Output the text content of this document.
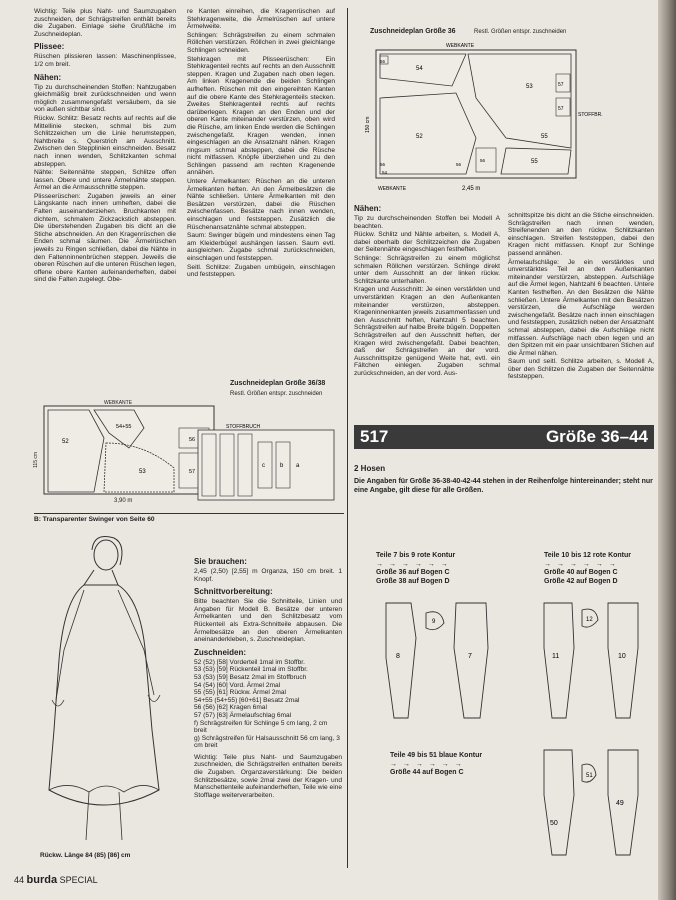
Wichtig: Teile plus Naht- und Saumzugaben zuschneiden, der Schrägstreifen enthält bereits die Zugaben. Einlage siehe Grußfläche im Zuschneideplan.

Plissee:

Rüschen plissieren lassen: Maschinenplissee, 1/2 cm breit.

Nähen:

Tip zu durchscheinenden Stoffen: Nahtzugaben gleichmäßig breit zurückschneiden und wenn möglich zusammengefaßt versäubern, da sie von außen sichtbar sind.

Rückw. Schlitz: Besatz rechts auf rechts auf die Mittellinie stecken, schmal bis zum Schlitzzeichen um die Linie herumsteppen, Nahtbreite s. Querstrich am Ausschnitt. Zwischen den Stepplinien einschneiden. Besatz nach innen wenden, Schlitzkanten schmal absteppen.

Nähte: Seitennähte steppen, Schlitze offen lassen. Obere und untere Ärmelnähte steppen. Ärmel an die Armausschnitte steppen.

Plisseerüschen: Zugaben jeweils an einer Längskante nach innen umheften, dabei die Falten auseinanderziehen. Bruchkanten mit dichtem, schmalem Zickzackstich absteppen. Die überstehenden Zugaben bis dicht an die Stiche abschneiden. An den Kragenrüschen die Enden schmal säumen. Die Ärmelrüschen jeweils zu Ringen schließen, dabei die Nähte in den Faltenninnenbrüchen steppen. Jeweils die oberen Rüschen auf die unteren Rüschen legen, offene obere Kanten aufeinanderheften, dabei sind die Falten zugelegt. Obe-

re Kanten einreihen, die Kragenrüschen auf Stehkragenweite, die Ärmelrüschen auf untere Ärmelweite.

Schlingen: Schrägstreifen zu einem schmalen Röllchen verstürzen. Röllchen in zwei gleichlange Schlingen schneiden.

Stehkragen mit Plisseerüschen: Ein Stehkragenteil rechts auf rechts an den Ausschnitt steppen. Kragen und Zugaben nach oben legen. Am linken Kragenende die beiden Schlingen aufheften. Rüschen mit den eingereihten Kanten auf die obere Kante des Stehkragenteils stecken. Zweites Stehkragenteil rechts auf rechts darüberlegen. Kragen an den Enden und der oberen Kante miteinander verstürzen, oben wird die Rüsche, am linken Ende werden die Schlingen zwischengefaßt. Kragen wenden, innen eingeschlagen an die Ansatznaht nähen. Kragen ringsum schmal absteppen, dabei die Rüsche nicht mitfassen. Knöpfe überziehen und zu den Schlingen passend am rechten Kragenende annähen.

Untere Ärmelkanten: Rüschen an die unteren Ärmelkanten heften. An den Ärmelbesätzen die Nähte schließen. Untere Ärmelkanten mit den Besätzen verstürzen, dabei die Rüschen zwischenfassen. Besätze nach innen wenden, einschlagen und feststeppen. Zusätzlich die Rüschenansatznähte schmal absteppen.

Saum: Swinger bügeln und mindestens einen Tag am Kleiderbügel aushängen lassen. Saum evtl. ausgleichen. Zugabe schmal zurückschneiden, einschlagen und feststeppen.

Seitl. Schlitze: Zugaben umbügeln, einschlagen und feststeppen.

WEBKANTE
115 cm
3,90 m
52
54+55
53
56
57
Zuschneideplan Größe 36/38
Restl. Größen entspr. zuschneiden
STOFFBRUCH
c	b a
B: Transparenter Swinger von Seite 60
Rückw. Länge 84 (85) [86] cm
Sie brauchen:

2,45 (2,50) [2,55] m Organza, 150 cm breit. 1 Knopf.

Schnittvorbereitung:

Bitte beachten Sie die Schnitteile, Linien und Angaben für Modell B. Besätze der unteren Ärmelkanten und den Schlitzbesatz vom Rückenteil als Extra-Schnitteile abpausen. Die Ärmelbesätze an den oberen Ärmelkanten aneinanderkleben, s. Zuschneideplan.

Zuschneiden:
52 (52) [58] Vorderteil 1mal im Stoffbr.
53 (53) [59] Rückenteil 1mal im Stoffbr.
53 (53) [59] Besatz 2mal im Stoffbruch
54 (54) [60] Vord. Ärmel 2mal
55 (55) [61] Rückw. Ärmel 2mal
54+55 (54+55) [60+61] Besatz 2mal
56 (56) [62] Kragen 6mal
57 (57) [63] Ärmelaufschlag 6mal
f) Schrägstreifen für Schlinge 5 cm lang, 2 cm breit
g) Schrägstreifen für Halsausschnitt 56 cm lang, 3 cm breit

Wichtig: Teile plus Naht- und Saumzugaben zuschneiden, die Schrägstreifen enthalten bereits die Zugaben. Organzaverstärkung: Die beiden Schlitzbesätze, sowie 2mal zwei der Kragen- und Manschettenteile aufeinanderheften, Teile wie eine Stofflage weiterverarbeiten.

Zuschneideplan Größe 36	Restl. Größen entspr. zuschneiden
WEBKANTE
150 cm
2,45 m
WEBKANTE
STOFFBR.
54
56
53	57
57
52
56
56
56	55
55
54
Nähen:

Tip zu durchscheinenden Stoffen bei Modell A beachten.

Rückw. Schlitz und Nähte arbeiten, s. Modell A, dabei oberhalb der Schlitzzeichen die Zugaben der Seitennähte eingeschlagen festheften.

Schlinge: Schrägstreifen zu einem möglichst schmalen Röllchen verstürzen. Schlinge direkt unter dem Ausschnitt an der linken rückw. Schlitzkante unterhalten.

Kragen und Ausschnitt: Je einen verstärkten und unverstärkten Kragen an den Außenkanten miteinander verstürzen, absteppen. Krageninnenkanten jeweils zusammenfassen und den Ausschnitt heften, Nahtzahl 5 beachten. Schrägstreifen auf halbe Breite bügeln. Doppelten Schrägstreifen auf den Ausschnitt heften, der Kragen wird zwischengefaßt. Dabei beachten, daß der Schrägstreifen an der vord. Ausschnittspitze genügend Weite hat, evtl. ein Fältchen einlegen. Zugaben schmal zurückschneiden, an der vord. Aus-

schnittspitze bis dicht an die Stiche einschneiden. Schrägstreifen nach innen wenden, Streifenenden an den rückw. Schlitzkanten einschlagen. Streifen feststeppen, dabei den Kragen nicht mitfassen. Knopf zur Schlinge passend annähen.

Ärmelaufschläge: Je ein verstärktes und unverstärktes Teil an den Außenkanten miteinander verstürzen, absteppen. Aufschläge auf die Ärmel legen, Nahtzahl 6 beachten. Untere Kanten festheften. An den Besätzen die Nähte schließen. Untere Ärmelkanten mit den Besätzen verstürzen, die Aufschläge werden zwischengefaßt. Besätze nach innen einschlagen und feststeppen, zusätzlich neben der Ansatznaht schmal absteppen, dabei die Aufschläge nicht mitfassen. Aufschläge nach oben legen und an den Spitzen mit ein paar unsichtbaren Stichen auf die Ärmel nähen.

Saum und seitl. Schlitze arbeiten, s. Modell A, über den Schlitzen die Zugaben der Seitennähte feststeppen.

517	Größe 36–44
2 Hosen
Die Angaben für Größe 36-38-40-42-44 stehen in der Reihenfolge hintereinander; steht nur eine Angabe, gilt diese für alle Größen.
Teile 7 bis 9 rote Kontur
→ → → → → →
Größe 36 auf Bogen C
Größe 38 auf Bogen D
8
9
7
Teile 10 bis 12 rote Kontur
→ → → → → →
Größe 40 auf Bogen C
Größe 42 auf Bogen D
11
12
10
Teile 49 bis 51 blaue Kontur
→ → → → → →
Größe 44 auf Bogen C
50
51
49
44 burda SPECIAL
